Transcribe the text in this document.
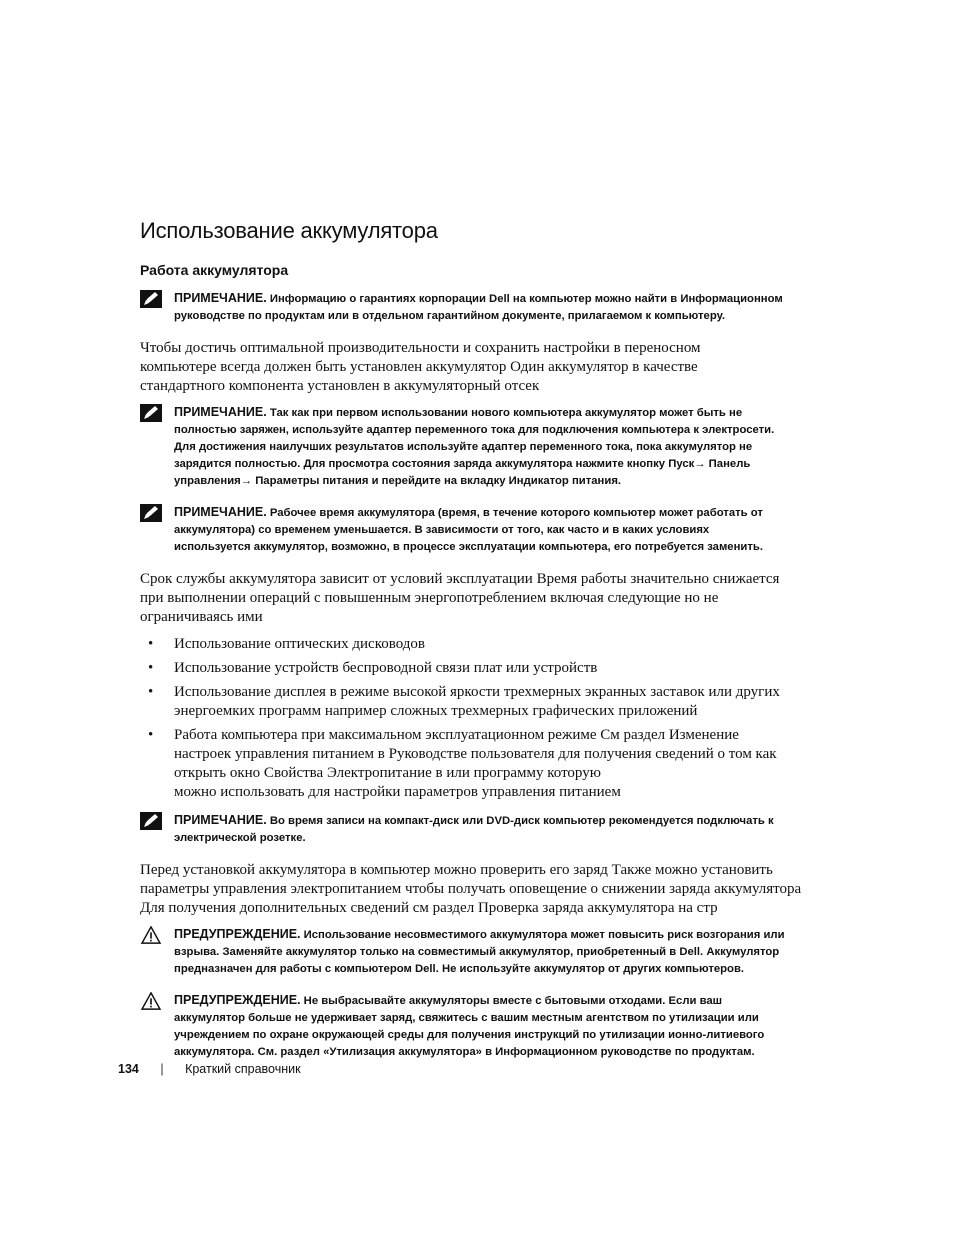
Использование аккумулятора
Работа аккумулятора
ПРИМЕЧАНИЕ. Информацию о гарантиях корпорации Dell на компьютер можно найти в Информационном
руководстве по продуктам или в отдельном гарантийном документе, прилагаемом к компьютеру.
Чтобы достичь оптимальной производительности и сохранить настройки в переносном
компьютере всегда должен быть установлен аккумулятор Один аккумулятор в качестве
стандартного компонента установлен в аккумуляторный отсек
ПРИМЕЧАНИЕ. Так как при первом использовании нового компьютера аккумулятор может быть не
полностью заряжен, используйте адаптер переменного тока для подключения компьютера к электросети.
Для достижения наилучших результатов используйте адаптер переменного тока, пока аккумулятор не
зарядится полностью. Для просмотра состояния заряда аккумулятора нажмите кнопку Пуск→ Панель
управления→ Параметры питания и перейдите на вкладку Индикатор питания.
ПРИМЕЧАНИЕ. Рабочее время аккумулятора (время, в течение которого компьютер может работать от
аккумулятора) со временем уменьшается. В зависимости от того, как часто и в каких условиях
используется аккумулятор, возможно, в процессе эксплуатации компьютера, его потребуется заменить.
Срок службы аккумулятора зависит от условий эксплуатации Время работы значительно снижается
при выполнении операций с повышенным энергопотреблением включая следующие но не
ограничиваясь ими
• Использование оптических дисководов
• Использование устройств беспроводной связи плат или устройств
• Использование дисплея в режиме высокой яркости трехмерных экранных заставок или других
энергоемких программ например сложных трехмерных графических приложений
• Работа компьютера при максимальном эксплуатационном режиме См раздел Изменение
настроек управления питанием в Руководстве пользователя для получения сведений о том как
открыть окно Свойства Электропитание в или программу которую
можно использовать для настройки параметров управления питанием
ПРИМЕЧАНИЕ. Во время записи на компакт-диск или DVD-диск компьютер рекомендуется подключать к
электрической розетке.
Перед установкой аккумулятора в компьютер можно проверить его заряд Также можно установить
параметры управления электропитанием чтобы получать оповещение о снижении заряда аккумулятора
Для получения дополнительных сведений см раздел Проверка заряда аккумулятора на стр
ПРЕДУПРЕЖДЕНИЕ. Использование несовместимого аккумулятора может повысить риск возгорания или
взрыва. Заменяйте аккумулятор только на совместимый аккумулятор, приобретенный в Dell. Аккумулятор
предназначен для работы с компьютером Dell. Не используйте аккумулятор от других компьютеров.
ПРЕДУПРЕЖДЕНИЕ. Не выбрасывайте аккумуляторы вместе с бытовыми отходами. Если ваш
аккумулятор больше не удерживает заряд, свяжитесь с вашим местным агентством по утилизации или
учреждением по охране окружающей среды для получения инструкций по утилизации ионно-литиевого
аккумулятора. См. раздел «Утилизация аккумулятора» в Информационном руководстве по продуктам.
134 | Краткий справочник
